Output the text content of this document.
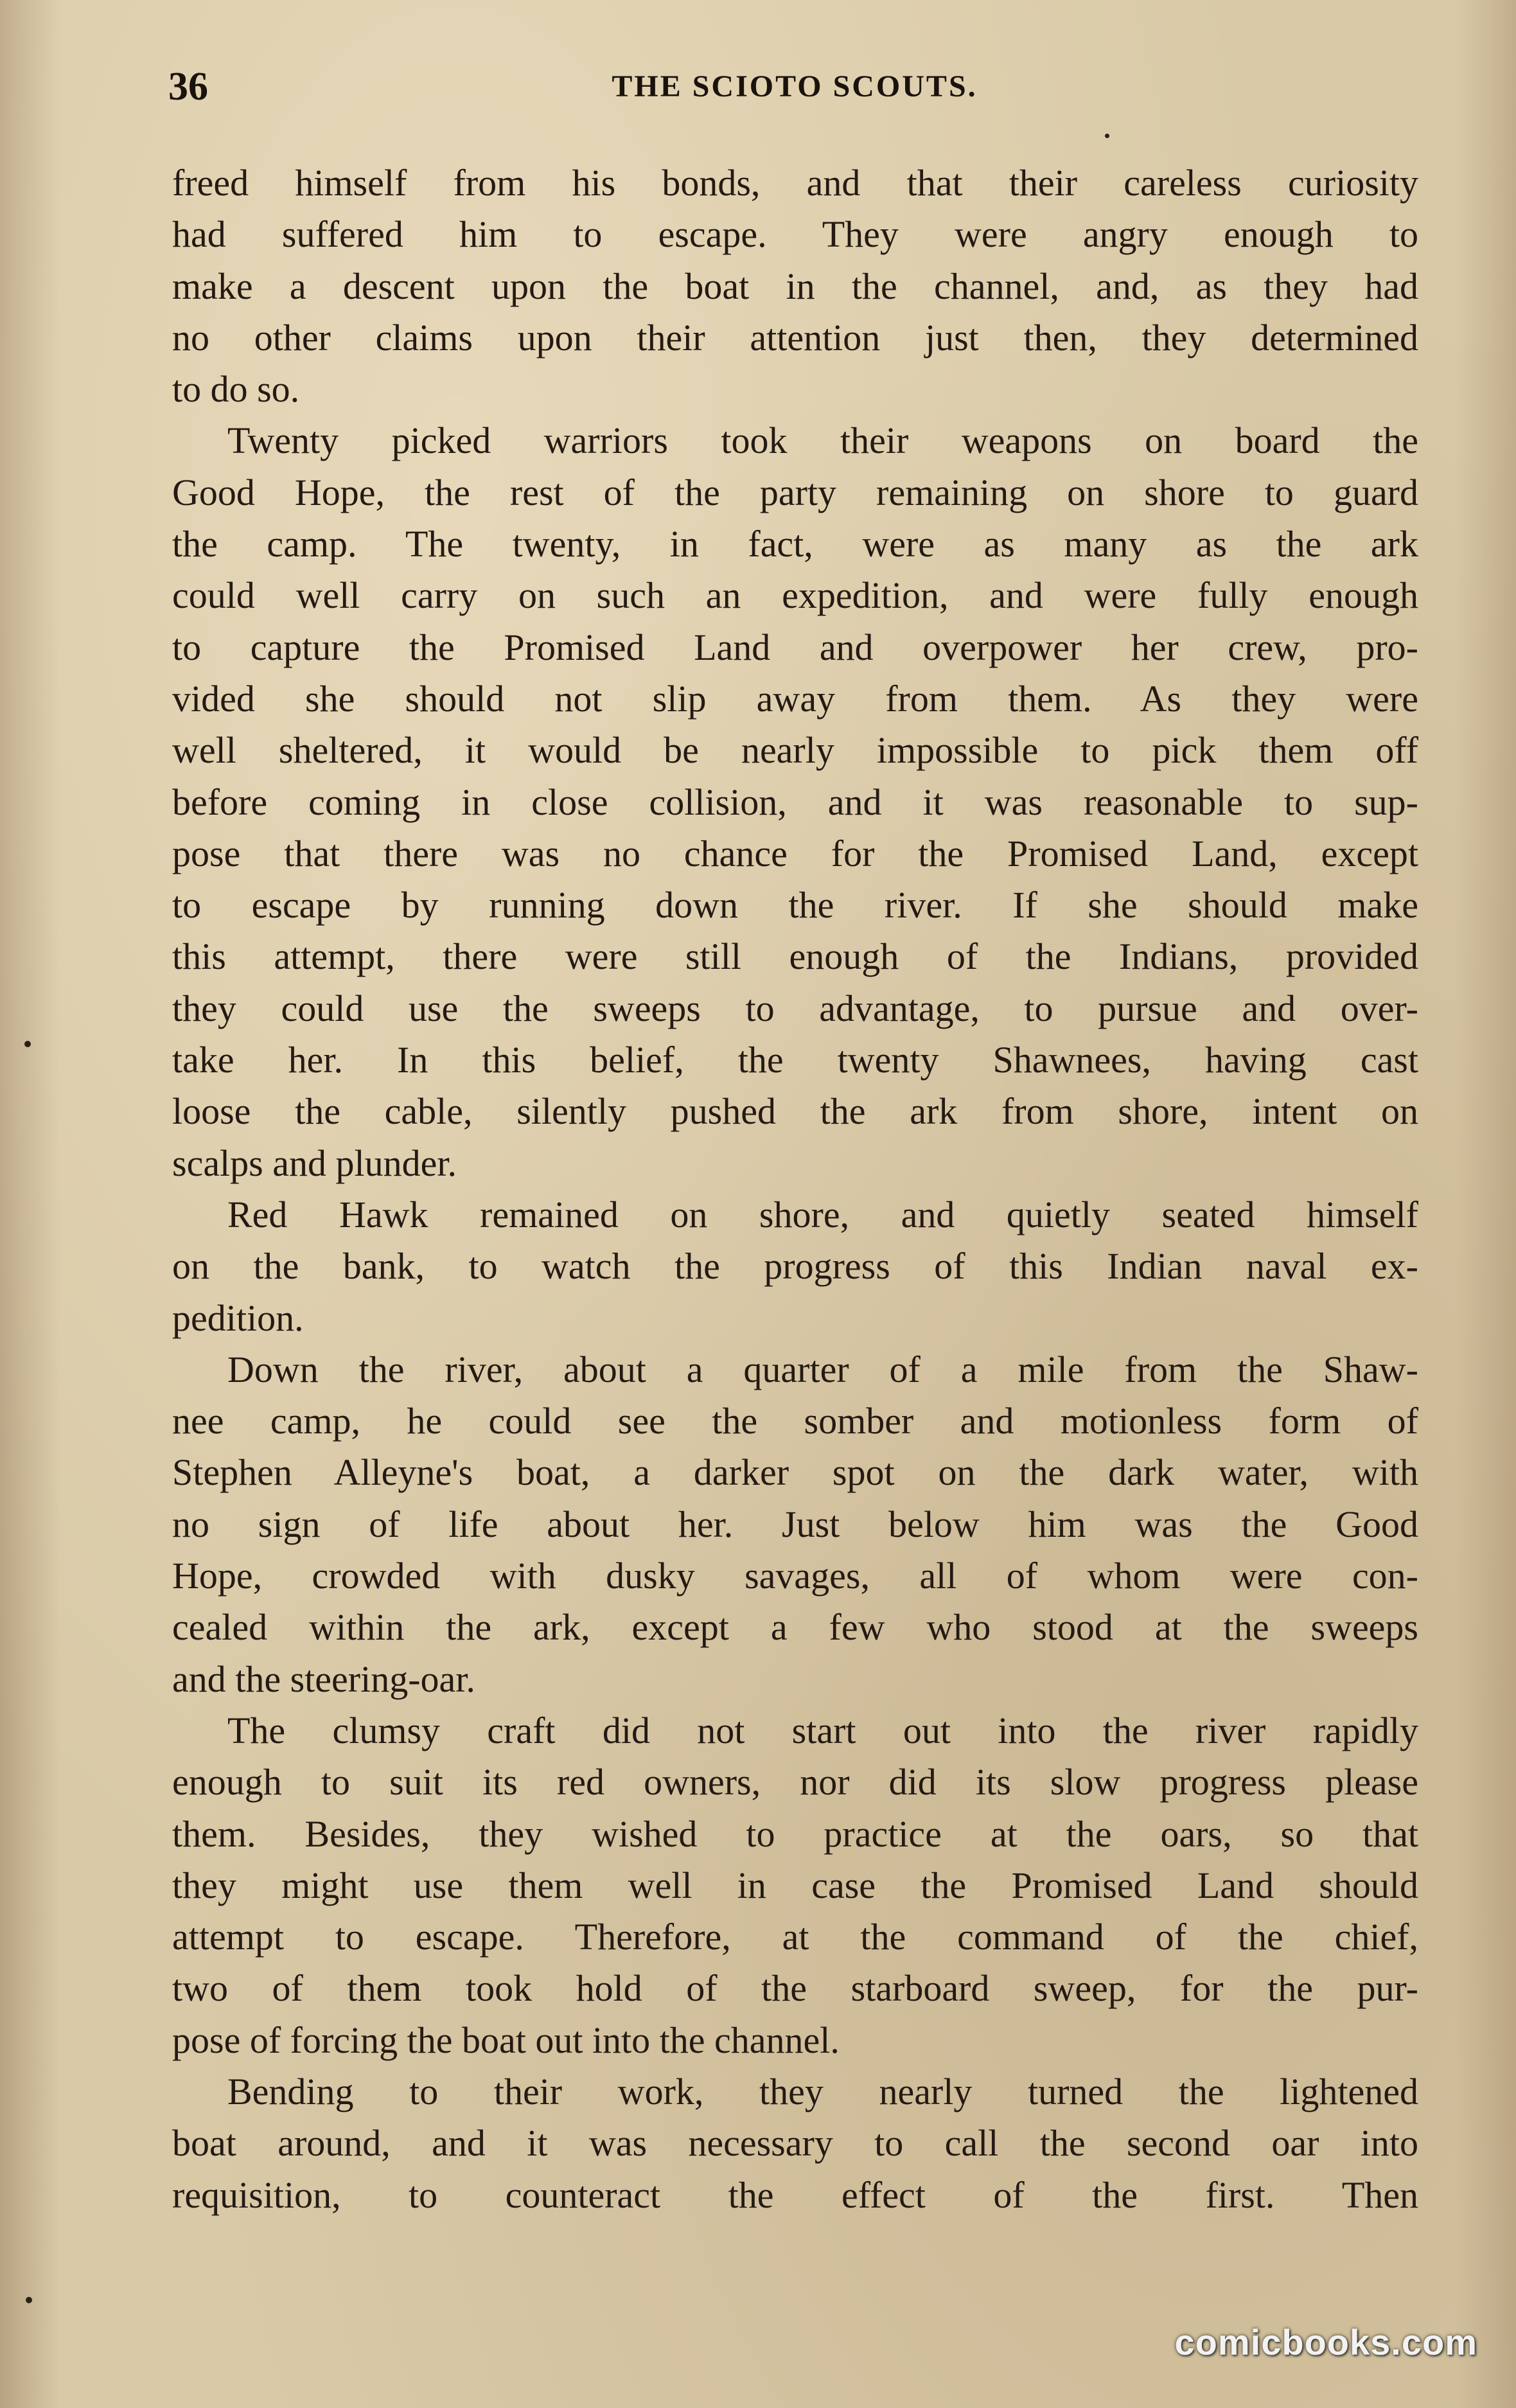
36	THE SCIOTO SCOUTS.
freed himself from his bonds, and that their careless curiosity
had suffered him to escape. They were angry enough to
make a descent upon the boat in the channel, and, as they had
no other claims upon their attention just then, they determined
to do so.
Twenty picked warriors took their weapons on board the
Good Hope, the rest of the party remaining on shore to guard
the camp. The twenty, in fact, were as many as the ark
could well carry on such an expedition, and were fully enough
to capture the Promised Land and overpower her crew, pro-
vided she should not slip away from them. As they were
well sheltered, it would be nearly impossible to pick them off
before coming in close collision, and it was reasonable to sup-
pose that there was no chance for the Promised Land, except
to escape by running down the river. If she should make
this attempt, there were still enough of the Indians, provided
they could use the sweeps to advantage, to pursue and over-
take her. In this belief, the twenty Shawnees, having cast
loose the cable, silently pushed the ark from shore, intent on
scalps and plunder.
Red Hawk remained on shore, and quietly seated himself
on the bank, to watch the progress of this Indian naval ex-
pedition.
Down the river, about a quarter of a mile from the Shaw-
nee camp, he could see the somber and motionless form of
Stephen Alleyne's boat, a darker spot on the dark water, with
no sign of life about her. Just below him was the Good
Hope, crowded with dusky savages, all of whom were con-
cealed within the ark, except a few who stood at the sweeps
and the steering-oar.
The clumsy craft did not start out into the river rapidly
enough to suit its red owners, nor did its slow progress please
them. Besides, they wished to practice at the oars, so that
they might use them well in case the Promised Land should
attempt to escape. Therefore, at the command of the chief,
two of them took hold of the starboard sweep, for the pur-
pose of forcing the boat out into the channel.
Bending to their work, they nearly turned the lightened
boat around, and it was necessary to call the second oar into
requisition, to counteract the effect of the first. Then
comicbooks.com
